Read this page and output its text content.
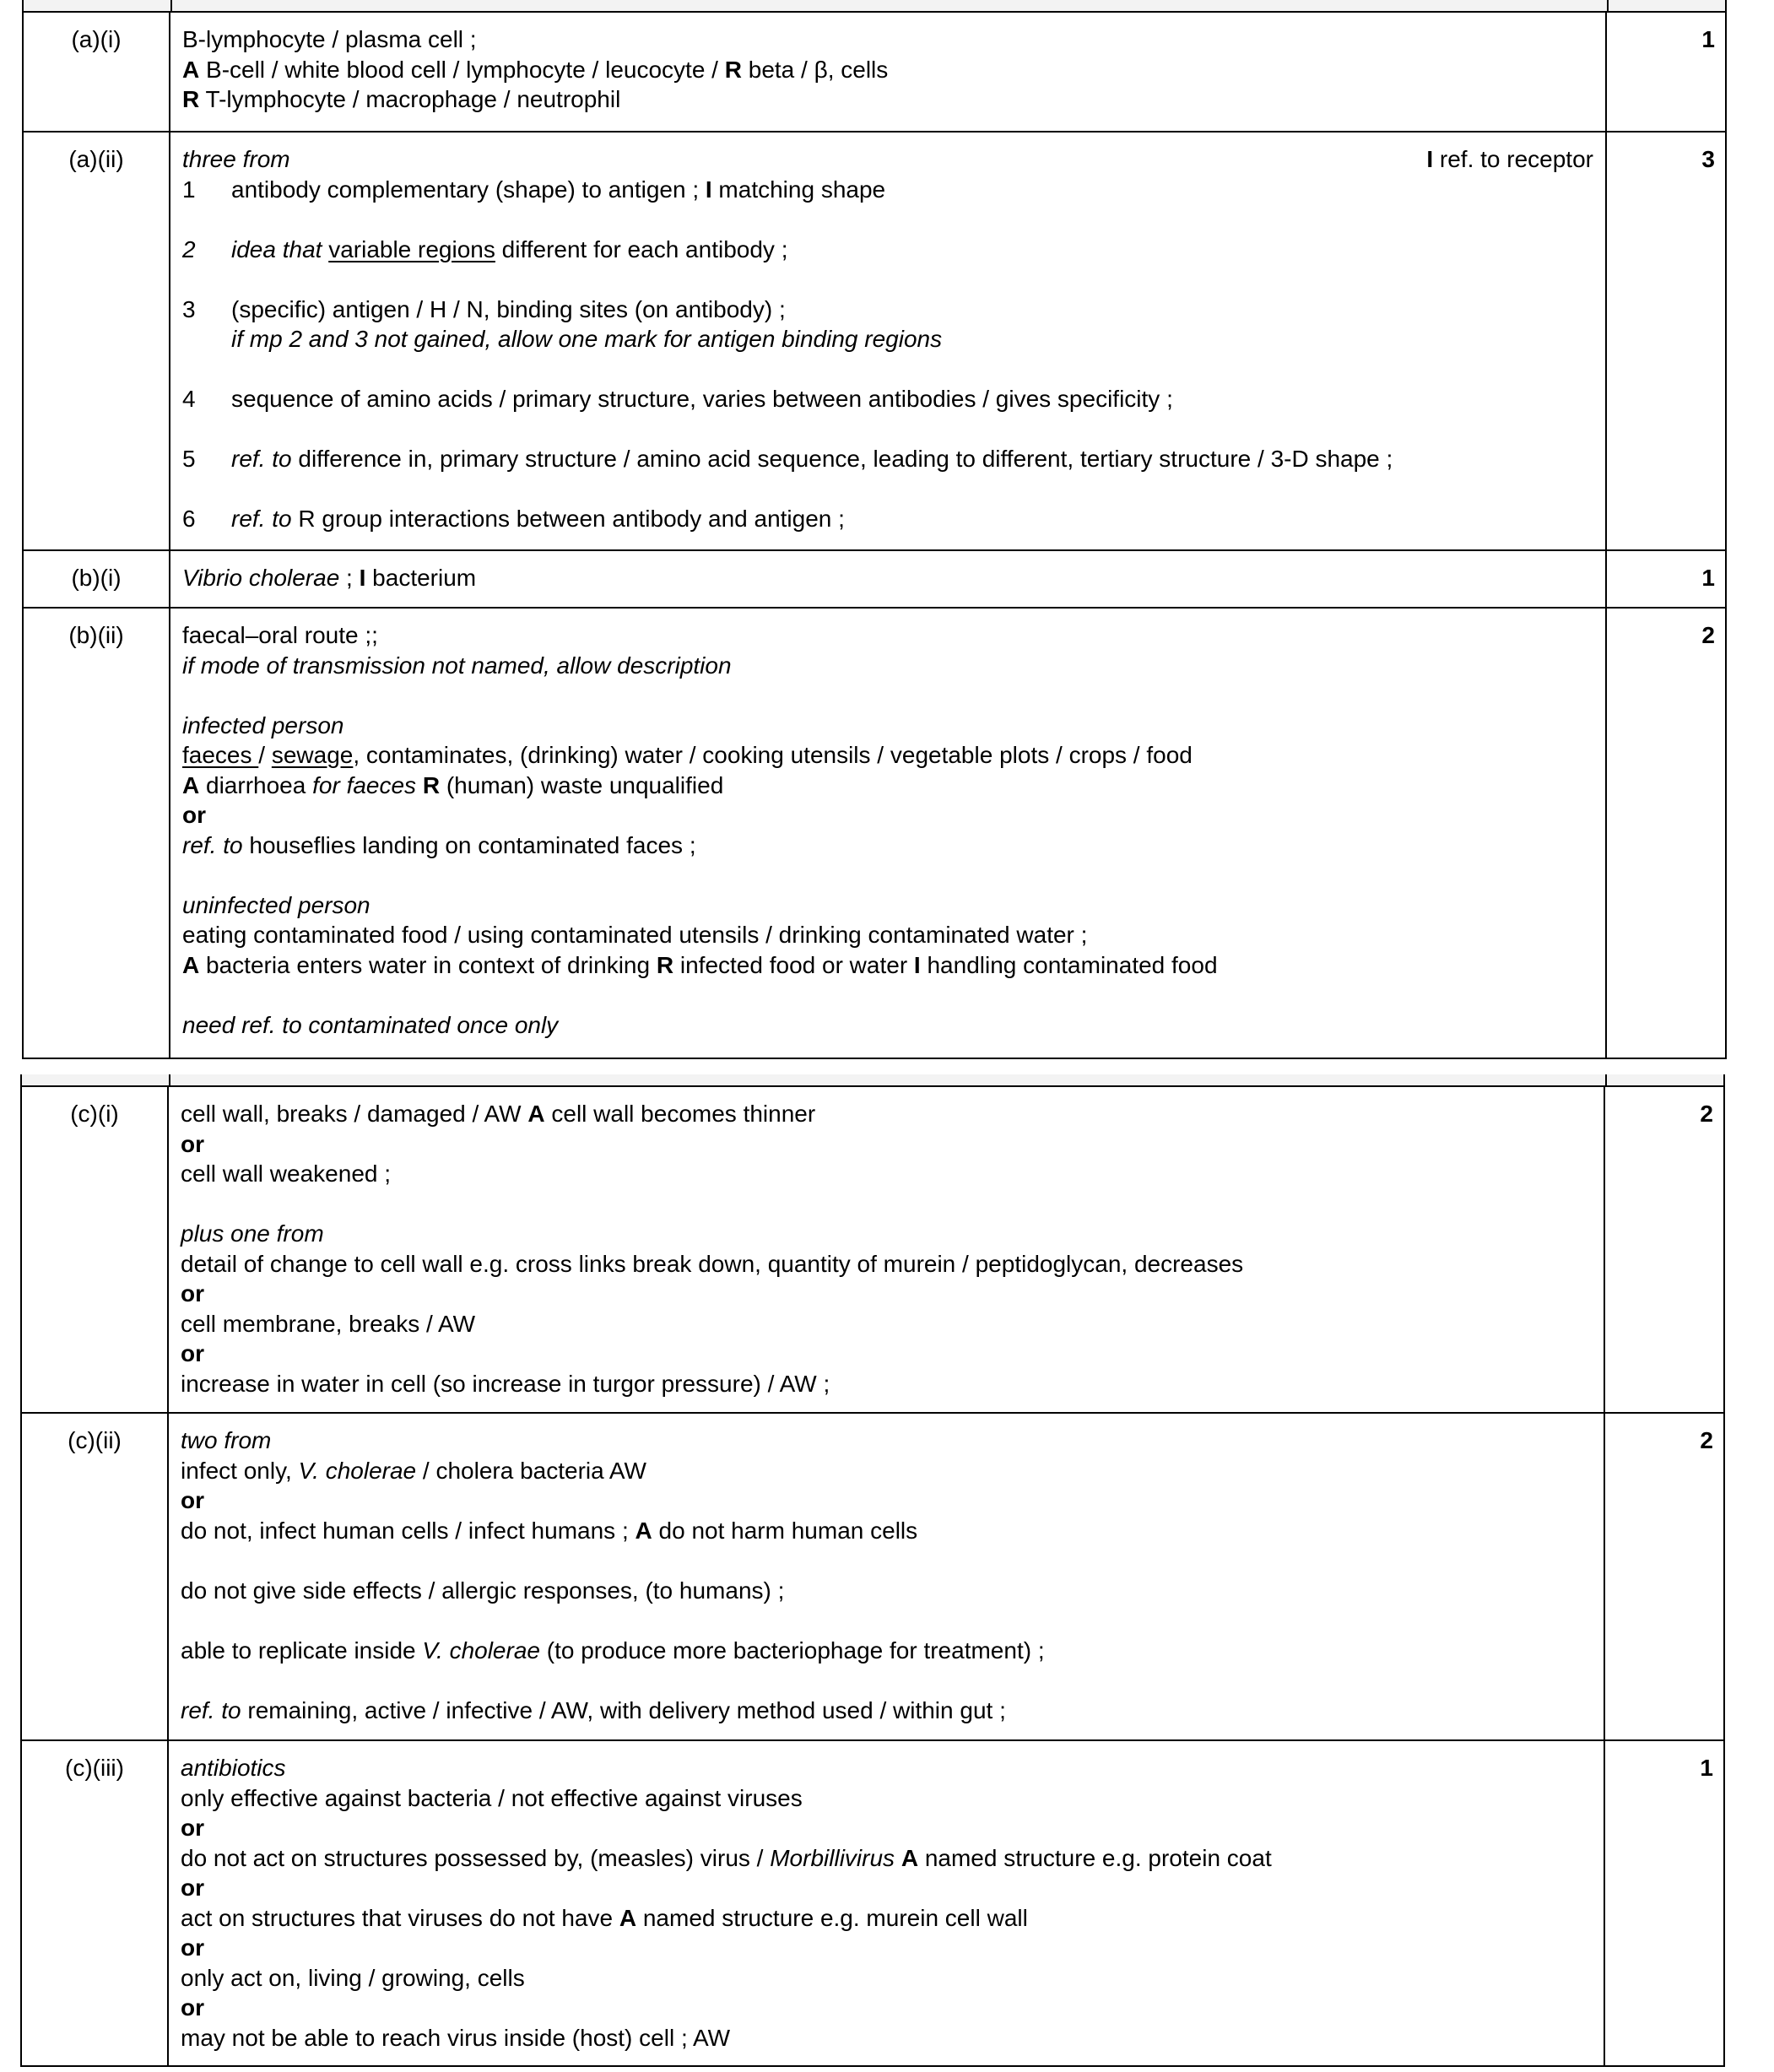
(a)(i)	B-lymphocyte / plasma cell ;
A B-cell / white blood cell / lymphocyte / leucocyte / R beta / β, cells
R T-lymphocyte / macrophage / neutrophil
1
(a)(ii)	three from	I ref. to receptor
1 antibody complementary (shape) to antigen ; I matching shape
2 idea that variable regions different for each antibody ;
3 (specific) antigen / H / N, binding sites (on antibody) ;
if mp 2 and 3 not gained, allow one mark for antigen binding regions
4 sequence of amino acids / primary structure, varies between antibodies / gives specificity ;
5 ref. to difference in, primary structure / amino acid sequence, leading to different, tertiary structure / 3-D shape ;
6 ref. to R group interactions between antibody and antigen ;
3
(b)(i)	Vibrio cholerae ; I bacterium	1
(b)(ii)	faecal–oral route ;;
if mode of transmission not named, allow description
infected person
faeces / sewage, contaminates, (drinking) water / cooking utensils / vegetable plots / crops / food
A diarrhoea for faeces R (human) waste unqualified
or
ref. to houseflies landing on contaminated faces ;
uninfected person
eating contaminated food / using contaminated utensils / drinking contaminated water ;
A bacteria enters water in context of drinking R infected food or water I handling contaminated food
need ref. to contaminated once only
2
(c)(i)	cell wall, breaks / damaged / AW A cell wall becomes thinner
or
cell wall weakened ;
plus one from
detail of change to cell wall e.g. cross links break down, quantity of murein / peptidoglycan, decreases
or
cell membrane, breaks / AW
or
increase in water in cell (so increase in turgor pressure) / AW ;
2
(c)(ii)	two from
infect only, V. cholerae / cholera bacteria AW
or
do not, infect human cells / infect humans ; A do not harm human cells
do not give side effects / allergic responses, (to humans) ;
able to replicate inside V. cholerae (to produce more bacteriophage for treatment) ;
ref. to remaining, active / infective / AW, with delivery method used / within gut ;
2
(c)(iii)	antibiotics
only effective against bacteria / not effective against viruses
or
do not act on structures possessed by, (measles) virus / Morbillivirus A named structure e.g. protein coat
or
act on structures that viruses do not have A named structure e.g. murein cell wall
or
only act on, living / growing, cells
or
may not be able to reach virus inside (host) cell ; AW
1
